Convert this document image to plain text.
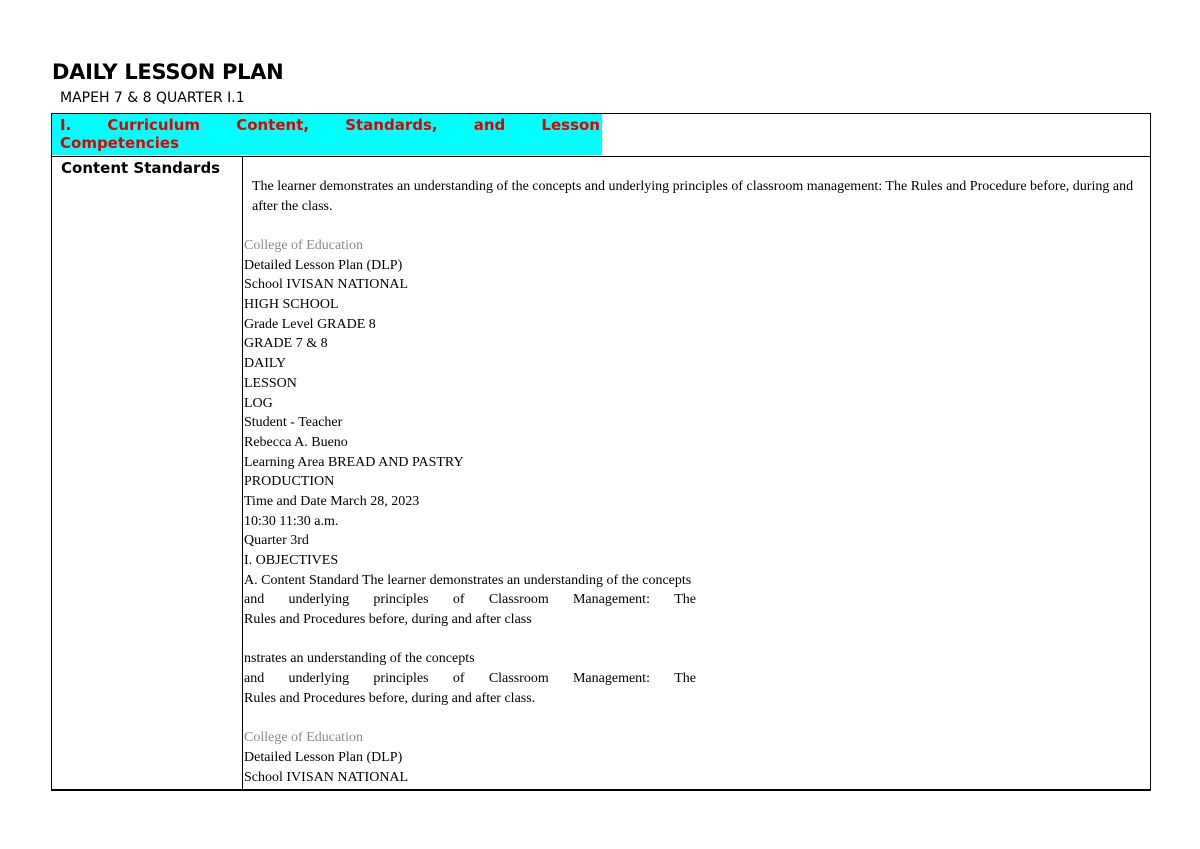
DAILY LESSON PLAN
MAPEH 7 & 8 QUARTER I.1
I. Curriculum Content, Standards, and Lesson
Competencies
Content Standards
The learner demonstrates an understanding of the concepts and underlying principles of classroom management: The Rules and Procedure before, during and after the class.
College of Education
Detailed Lesson Plan (DLP)
School IVISAN NATIONAL
HIGH SCHOOL
Grade Level GRADE 8
GRADE 7 & 8
DAILY
LESSON
LOG
Student - Teacher
Rebecca A. Bueno
Learning Area BREAD AND PASTRY
PRODUCTION
Time and Date March 28, 2023
10:30 11:30 a.m.
Quarter 3rd
I. OBJECTIVES
A. Content Standard The learner demonstrates an understanding of the concepts
and underlying principles of Classroom Management: The
Rules and Procedures before, during and after class
nstrates an understanding of the concepts
and underlying principles of Classroom Management: The
Rules and Procedures before, during and after class.
College of Education
Detailed Lesson Plan (DLP)
School IVISAN NATIONAL
